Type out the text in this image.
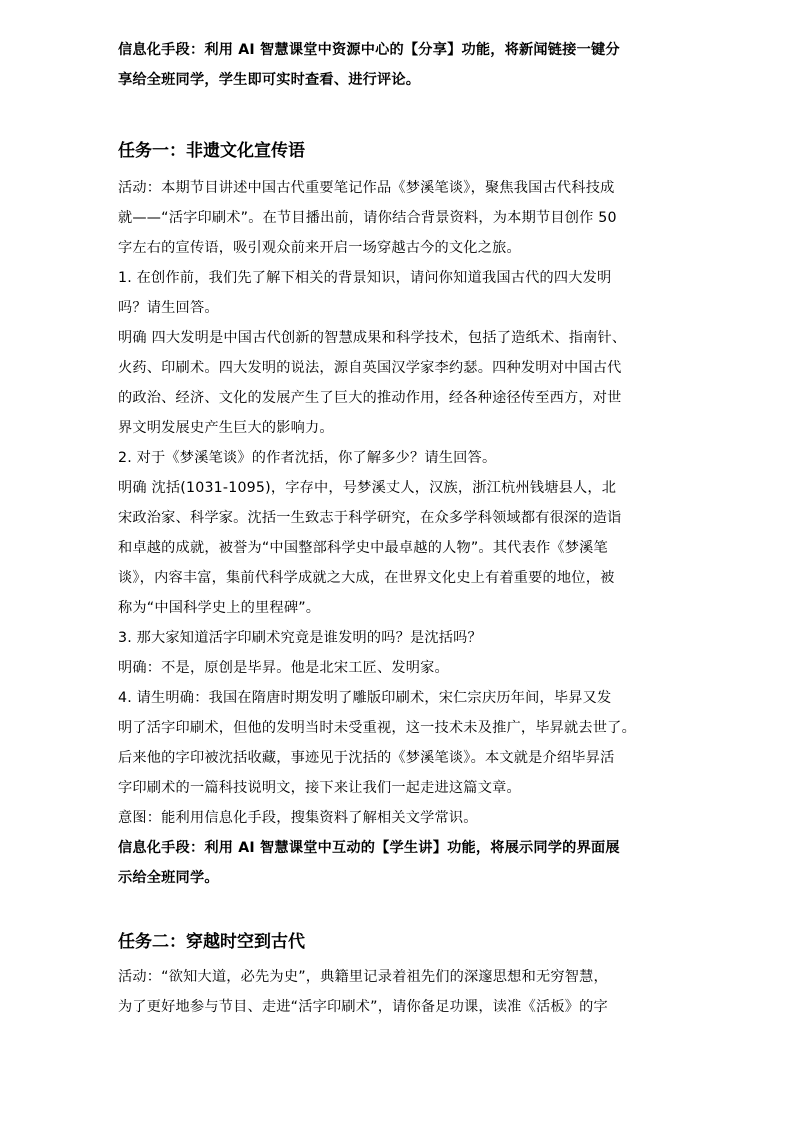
信息化手段：利用 AI 智慧课堂中资源中心的【分享】功能，将新闻链接一键分

享给全班同学，学生即可实时查看、进行评论。

任务一：非遗文化宣传语

活动：本期节目讲述中国古代重要笔记作品《梦溪笔谈》，聚焦我国古代科技成

就——“活字印刷术”。在节目播出前，请你结合背景资料，为本期节目创作 50

字左右的宣传语，吸引观众前来开启一场穿越古今的文化之旅。

1. 在创作前，我们先了解下相关的背景知识，请问你知道我国古代的四大发明

吗？请生回答。

明确 四大发明是中国古代创新的智慧成果和科学技术，包括了造纸术、指南针、

火药、印刷术。四大发明的说法，源自英国汉学家李约瑟。四种发明对中国古代

的政治、经济、文化的发展产生了巨大的推动作用，经各种途径传至西方，对世

界文明发展史产生巨大的影响力。

2. 对于《梦溪笔谈》的作者沈括，你了解多少？请生回答。

明确 沈括(1031-1095)，字存中，号梦溪丈人，汉族，浙江杭州钱塘县人，北

宋政治家、科学家。沈括一生致志于科学研究，在众多学科领域都有很深的造诣

和卓越的成就，被誉为“中国整部科学史中最卓越的人物”。其代表作《梦溪笔

谈》，内容丰富，集前代科学成就之大成，在世界文化史上有着重要的地位，被

称为“中国科学史上的里程碑”。

3. 那大家知道活字印刷术究竟是谁发明的吗？是沈括吗？

明确：不是，原创是毕昇。他是北宋工匠、发明家。

4. 请生明确：我国在隋唐时期发明了雕版印刷术，宋仁宗庆历年间，毕昇又发

明了活字印刷术，但他的发明当时未受重视，这一技术未及推广，毕昇就去世了。

后来他的字印被沈括收藏，事迹见于沈括的《梦溪笔谈》。本文就是介绍毕昇活

字印刷术的一篇科技说明文，接下来让我们一起走进这篇文章。

意图：能利用信息化手段，搜集资料了解相关文学常识。

信息化手段：利用 AI 智慧课堂中互动的【学生讲】功能，将展示同学的界面展

示给全班同学。

任务二：穿越时空到古代

活动：“欲知大道，必先为史”，典籍里记录着祖先们的深邃思想和无穷智慧，

为了更好地参与节目、走进“活字印刷术”，请你备足功课，读准《活板》的字
